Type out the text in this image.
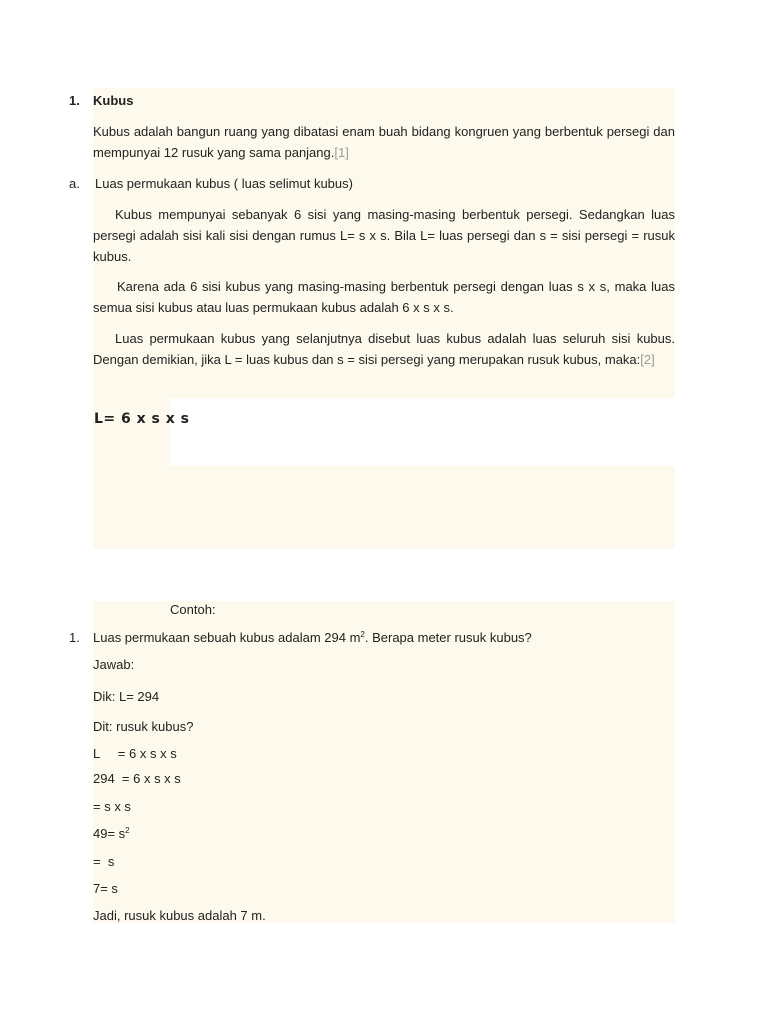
1. Kubus
Kubus adalah bangun ruang yang dibatasi enam buah bidang kongruen yang berbentuk persegi dan mempunyai 12 rusuk yang sama panjang.[1]
a. Luas permukaan kubus ( luas selimut kubus)
Kubus mempunyai sebanyak 6 sisi yang masing-masing berbentuk persegi. Sedangkan luas persegi adalah sisi kali sisi dengan rumus L= s x s. Bila L= luas persegi dan s = sisi persegi = rusuk kubus.
Karena ada 6 sisi kubus yang masing-masing berbentuk persegi dengan luas s x s, maka luas semua sisi kubus atau luas permukaan kubus adalah 6 x s x s.
Luas permukaan kubus yang selanjutnya disebut luas kubus adalah luas seluruh sisi kubus. Dengan demikian, jika L = luas kubus dan s = sisi persegi yang merupakan rusuk kubus, maka:[2]
L= 6 x s x s
Contoh:
1. Luas permukaan sebuah kubus adalam 294 $m^2$. Berapa meter rusuk kubus?
Jawab:
Dik: L= 294
Dit: rusuk kubus?
L     = 6 x s x s
294  = 6 x s x s
= s x s
$49= s^2$
=  s
7= s
Jadi, rusuk kubus adalah 7 m.
